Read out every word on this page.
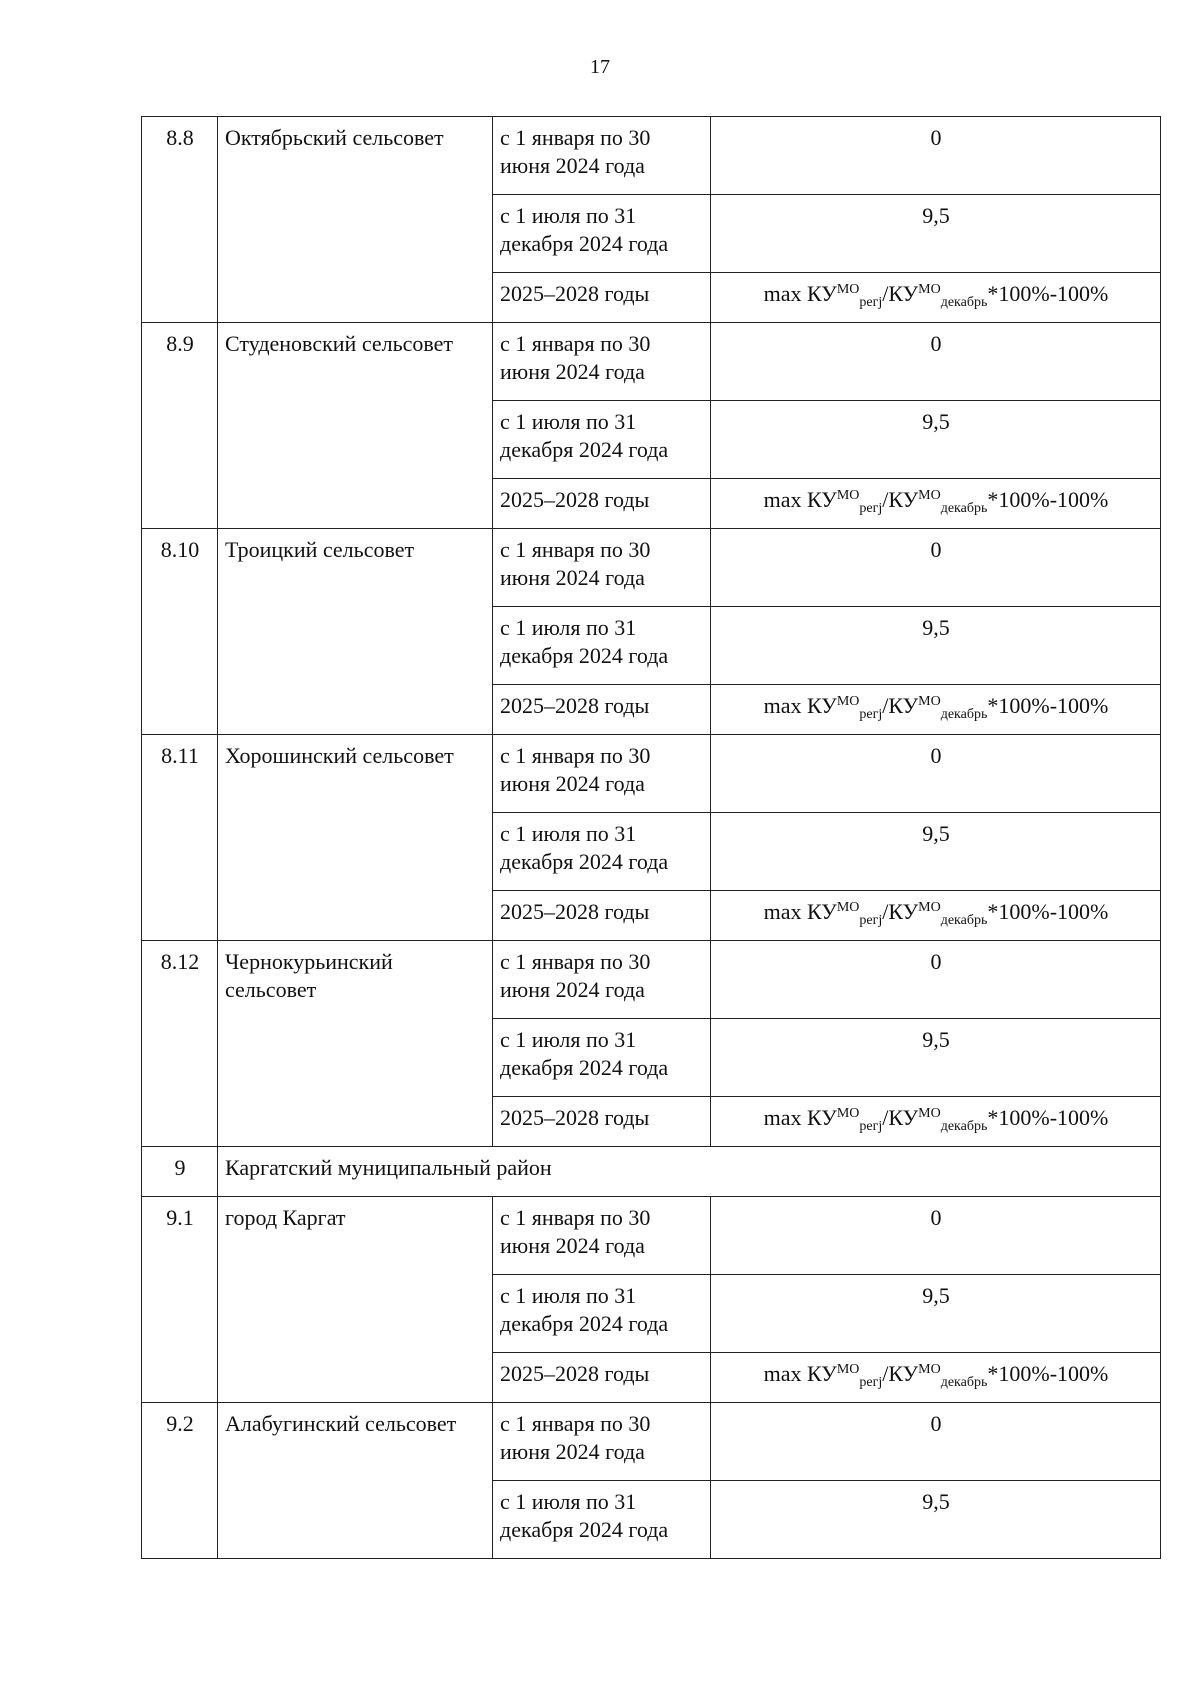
17
8.8	Октябрьский сельсовет	с 1 января по 30 июня 2024 года	0
		с 1 июля по 31 декабря 2024 года	9,5
		2025–2028 годы	$\max КУ^{МО}_{регj}/КУ^{МО}_{декабрь}*100\%-100\%$
8.9	Студеновский сельсовет	с 1 января по 30 июня 2024 года	0
		с 1 июля по 31 декабря 2024 года	9,5
		2025–2028 годы	$\max КУ^{МО}_{регj}/КУ^{МО}_{декабрь}*100\%-100\%$
8.10	Троицкий сельсовет	с 1 января по 30 июня 2024 года	0
		с 1 июля по 31 декабря 2024 года	9,5
		2025–2028 годы	$\max КУ^{МО}_{регj}/КУ^{МО}_{декабрь}*100\%-100\%$
8.11	Хорошинский сельсовет	с 1 января по 30 июня 2024 года	0
		с 1 июля по 31 декабря 2024 года	9,5
		2025–2028 годы	$\max КУ^{МО}_{регj}/КУ^{МО}_{декабрь}*100\%-100\%$
8.12	Чернокурьинский сельсовет	с 1 января по 30 июня 2024 года	0
		с 1 июля по 31 декабря 2024 года	9,5
		2025–2028 годы	$\max КУ^{МО}_{регj}/КУ^{МО}_{декабрь}*100\%-100\%$
9	Каргатский муниципальный район		
9.1	город Каргат	с 1 января по 30 июня 2024 года	0
		с 1 июля по 31 декабря 2024 года	9,5
		2025–2028 годы	$\max КУ^{МО}_{регj}/КУ^{МО}_{декабрь}*100\%-100\%$
9.2	Алабугинский сельсовет	с 1 января по 30 июня 2024 года	0
		с 1 июля по 31 декабря 2024 года	9,5
